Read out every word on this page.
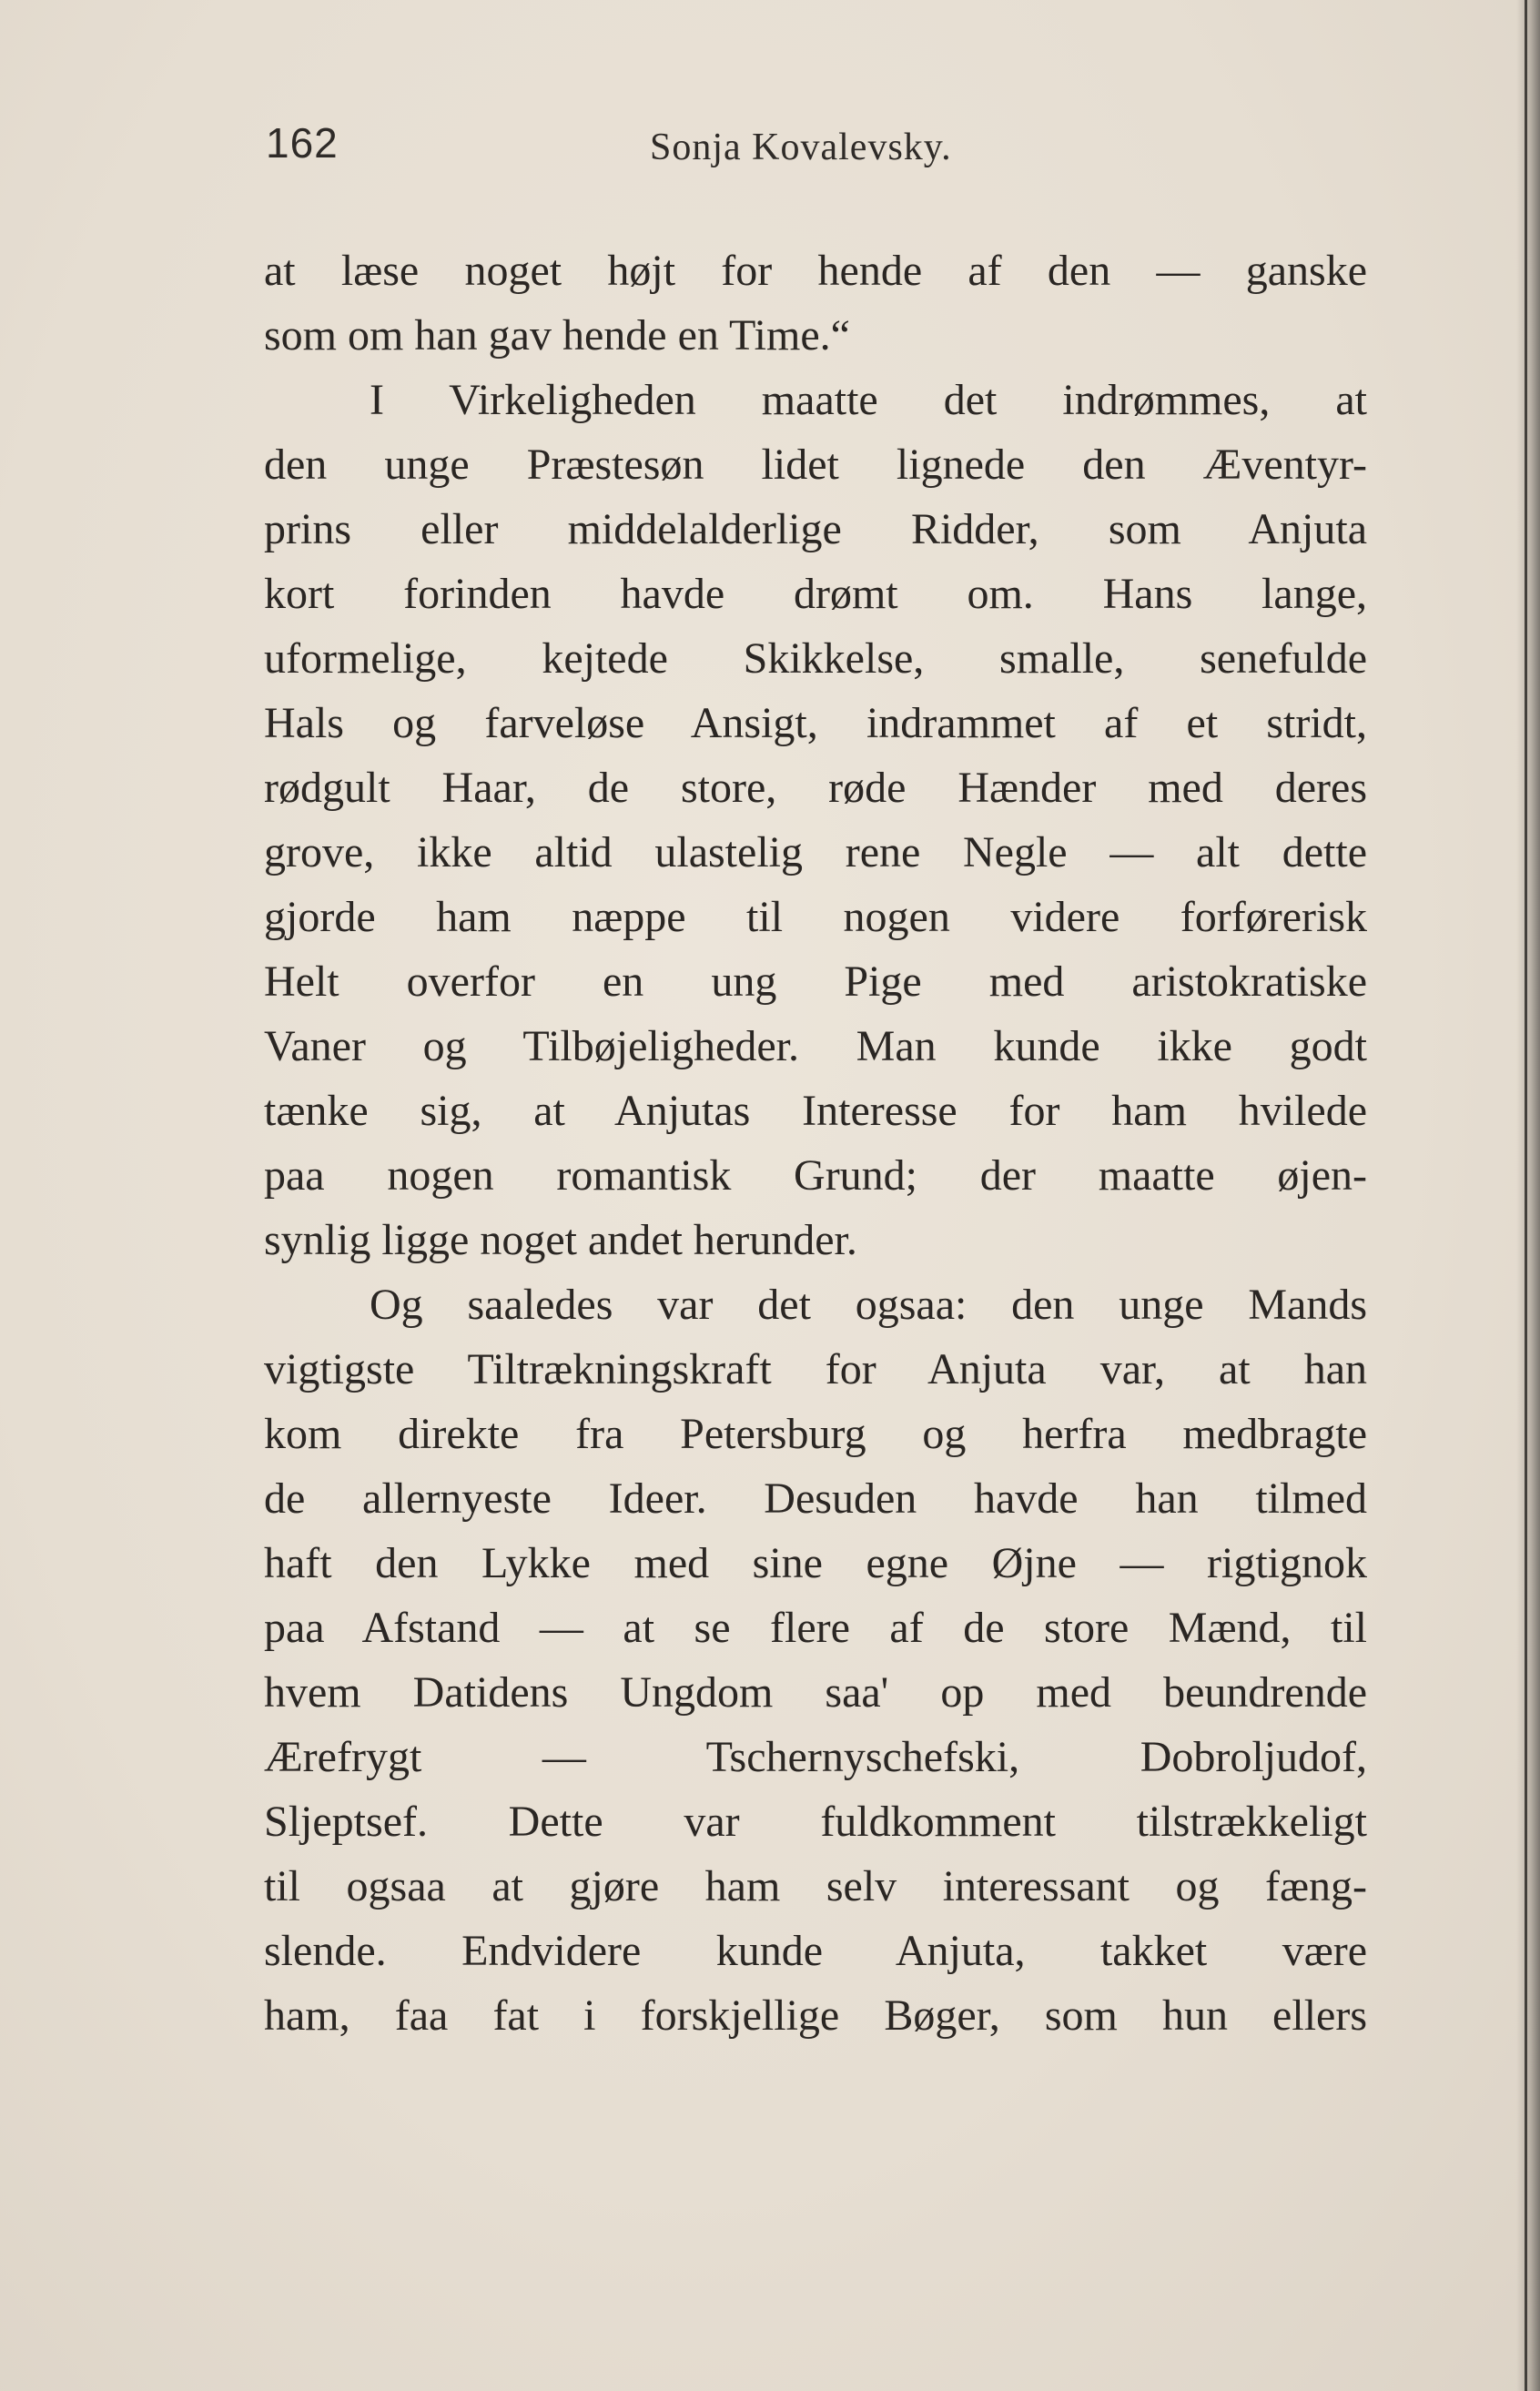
162	Sonja Kovalevsky.
at læse noget højt for hende af den — ganske
som om han gav hende en Time.“
I Virkeligheden maatte det indrømmes, at
den unge Præstesøn lidet lignede den Æventyr-
prins eller middelalderlige Ridder, som Anjuta
kort forinden havde drømt om. Hans lange,
uformelige, kejtede Skikkelse, smalle, senefulde
Hals og farveløse Ansigt, indrammet af et stridt,
rødgult Haar, de store, røde Hænder med deres
grove, ikke altid ulastelig rene Negle — alt dette
gjorde ham næppe til nogen videre forførerisk
Helt overfor en ung Pige med aristokratiske
Vaner og Tilbøjeligheder. Man kunde ikke godt
tænke sig, at Anjutas Interesse for ham hvilede
paa nogen romantisk Grund; der maatte øjen-
synlig ligge noget andet herunder.
Og saaledes var det ogsaa: den unge Mands
vigtigste Tiltrækningskraft for Anjuta var, at han
kom direkte fra Petersburg og herfra medbragte
de allernyeste Ideer. Desuden havde han tilmed
haft den Lykke med sine egne Øjne — rigtignok
paa Afstand — at se flere af de store Mænd, til
hvem Datidens Ungdom saa' op med beundrende
Ærefrygt — Tschernyschefski, Dobroljudof,
Sljeptsef. Dette var fuldkomment tilstrækkeligt
til ogsaa at gjøre ham selv interessant og fæng-
slende. Endvidere kunde Anjuta, takket være
ham, faa fat i forskjellige Bøger, som hun ellers
